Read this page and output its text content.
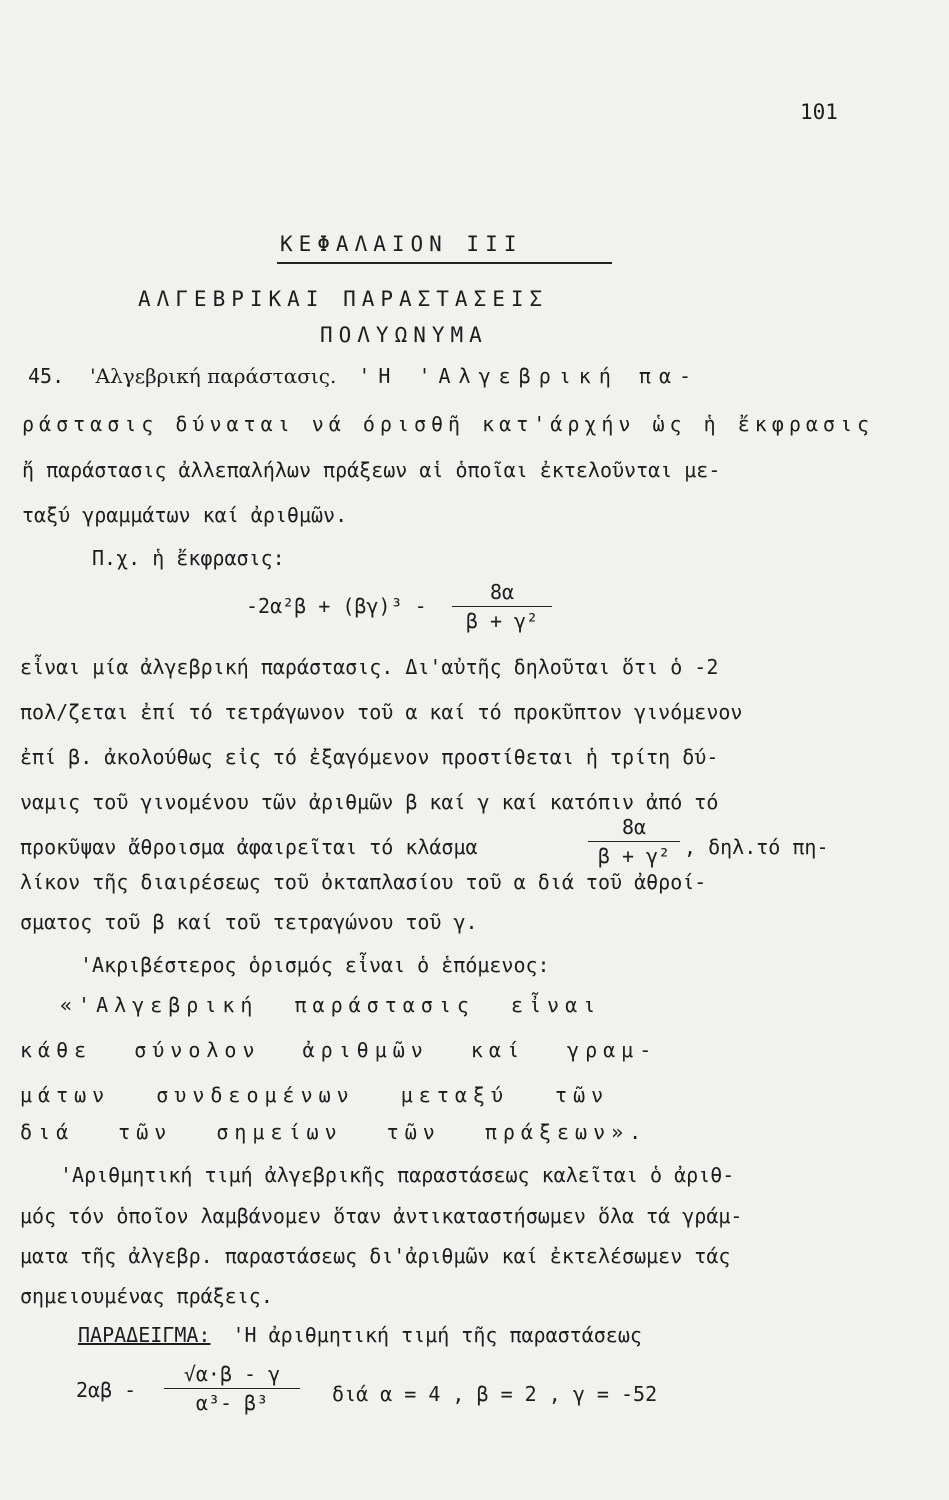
101
ΚΕΦΑΛΑΙΟΝ ΙΙΙ
ΑΛΓΕΒΡΙΚΑΙ ΠΑΡΑΣΤΑΣΕΙΣ
ΠΟΛΥΩΝΥΜΑ
45. 'Αλγεβρική παράστασις. 'Η 'Αλγεβρική πα-
ράστασις δύναται νά όρισθῆ κατ'άρχήν ὡς ἡ ἔκφρασις
ἤ παράστασις ἀλλεπαλήλων πράξεων αἱ ὁποῖαι ἐκτελοῦνται με-
ταξύ γραμμάτων καί ἀριθμῶν.
Π.χ. ἡ ἔκφρασις:
-2α²β + (βγ)³ -
8α
β + γ²
εἶναι μία ἀλγεβρική παράστασις. Δι'αὐτῆς δηλοῦται ὅτι ὁ -2
πολ/ζεται ἐπί τό τετράγωνον τοῦ α καί τό προκῦπτον γινόμενον
ἐπί β. ἀκολούθως εἰς τό ἐξαγόμενον προστίθεται ἡ τρίτη δύ-
ναμις τοῦ γινομένου τῶν ἀριθμῶν β καί γ καί κατόπιν ἀπό τό
προκῦψαν ἄθροισμα ἀφαιρεῖται τό κλάσμα
8α
β + γ² , δηλ.τό πη-
λίκον τῆς διαιρέσεως τοῦ ὀκταπλασίου τοῦ α διά τοῦ ἀθροί-
σματος τοῦ β καί τοῦ τετραγώνου τοῦ γ.
'Ακριβέστερος ὁρισμός εἶναι ὁ ἑπόμενος:
«'Αλγεβρική παράστασις εἶναι
κάθε σύνολον ἀριθμῶν καί γραμ-
μάτων συνδεομένων μεταξύ τῶν
διά τῶν σημείων τῶν πράξεων».
'Αριθμητική τιμή ἀλγεβρικῆς παραστάσεως καλεῖται ὁ ἀριθ-
μός τόν ὁποῖον λαμβάνομεν ὅταν ἀντικαταστήσωμεν ὅλα τά γράμ-
ματα τῆς ἀλγεβρ. παραστάσεως δι'ἀριθμῶν καί ἐκτελέσωμεν τάς
σημειουμένας πράξεις.
ΠΑΡΑΔΕΙΓΜΑ: 'Η ἀριθμητική τιμή τῆς παραστάσεως
2αβ -
√α·β - γ
α³- β³	διά α = 4 , β = 2 , γ = -52
